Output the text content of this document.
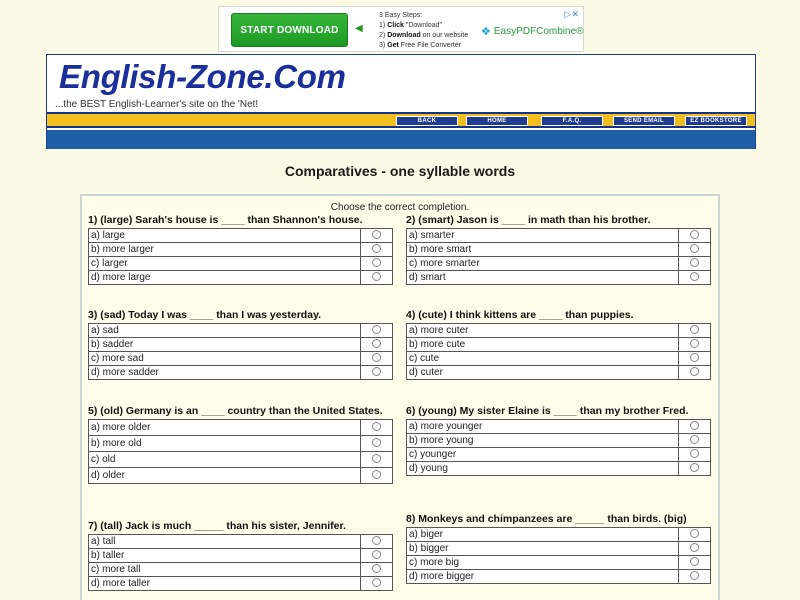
START DOWNLOAD	◀
3 Easy Steps:
1) Click "Download"
2) Download on our website
3) Get Free File Converter
❖ EasyPDFCombine®
▷✕
English-Zone.Com
...the BEST English-Learner's site on the 'Net!
BACK	HOME	F.A.Q.	SEND EMAIL	EZ BOOKSTORE
Comparatives - one syllable words
Choose the correct completion.
1) (large) Sarah's house is ____ than Shannon's house.
a) large	
b) more larger	
c) larger	
d) more large	
2) (smart) Jason is ____ in math than his brother.
a) smarter	
b) more smart	
c) more smarter	
d) smart	
3) (sad) Today I was ____ than I was yesterday.
a) sad	
b) sadder	
c) more sad	
d) more sadder	
4) (cute) I think kittens are ____ than puppies.
a) more cuter	
b) more cute	
c) cute	
d) cuter	
5) (old) Germany is an ____ country than the United States.
a) more older	
b) more old	
c) old	
d) older	
6) (young) My sister Elaine is ____ than my brother Fred.
a) more younger	
b) more young	
c) younger	
d) young	
7) (tall) Jack is much _____ than his sister, Jennifer.
a) tall	
b) taller	
c) more tall	
d) more taller	
8) Monkeys and chimpanzees are _____ than birds. (big)
a) biger	
b) bigger	
c) more big	
d) more bigger	
